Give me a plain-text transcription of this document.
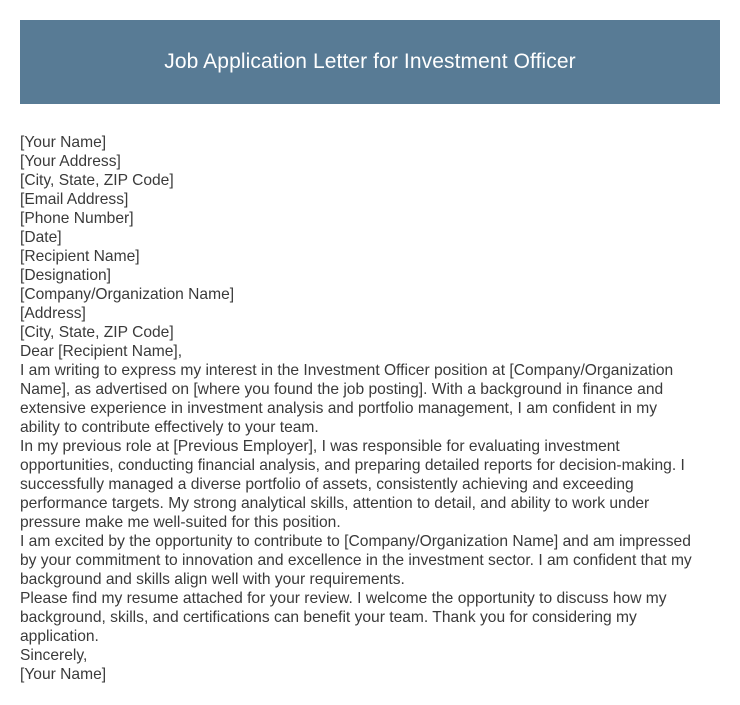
Job Application Letter for Investment Officer
[Your Name]
[Your Address]
[City, State, ZIP Code]
[Email Address]
[Phone Number]
[Date]
[Recipient Name]
[Designation]
[Company/Organization Name]
[Address]
[City, State, ZIP Code]
Dear [Recipient Name],
I am writing to express my interest in the Investment Officer position at [Company/Organization
Name], as advertised on [where you found the job posting]. With a background in finance and
extensive experience in investment analysis and portfolio management, I am confident in my
ability to contribute effectively to your team.
In my previous role at [Previous Employer], I was responsible for evaluating investment
opportunities, conducting financial analysis, and preparing detailed reports for decision-making. I
successfully managed a diverse portfolio of assets, consistently achieving and exceeding
performance targets. My strong analytical skills, attention to detail, and ability to work under
pressure make me well-suited for this position.
I am excited by the opportunity to contribute to [Company/Organization Name] and am impressed
by your commitment to innovation and excellence in the investment sector. I am confident that my
background and skills align well with your requirements.
Please find my resume attached for your review. I welcome the opportunity to discuss how my
background, skills, and certifications can benefit your team. Thank you for considering my
application.
Sincerely,
[Your Name]
